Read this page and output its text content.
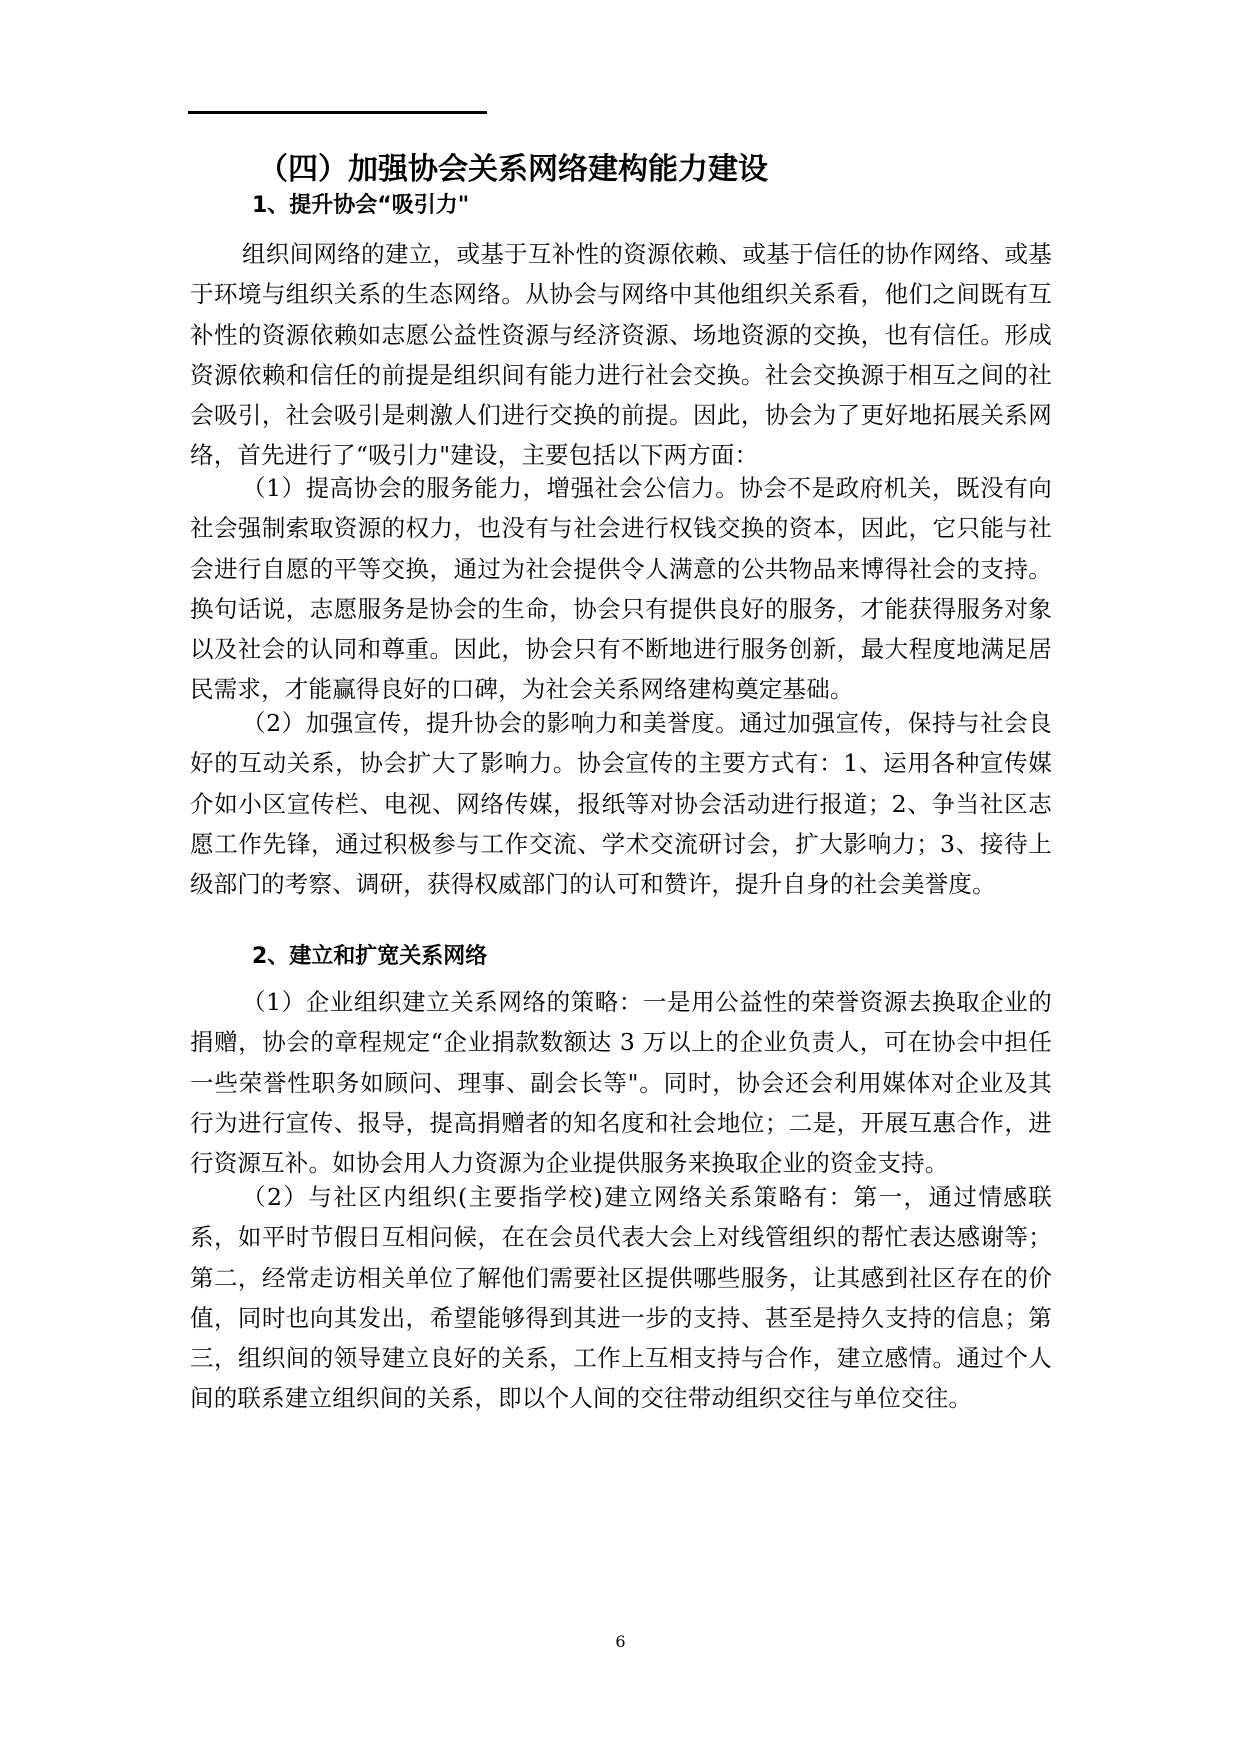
（四）加强协会关系网络建构能力建设
1、提升协会“吸引力"

组织间网络的建立，或基于互补性的资源依赖、或基于信任的协作网络、或基于环境与组织关系的生态网络。从协会与网络中其他组织关系看，他们之间既有互补性的资源依赖如志愿公益性资源与经济资源、场地资源的交换，也有信任。形成资源依赖和信任的前提是组织间有能力进行社会交换。社会交换源于相互之间的社会吸引，社会吸引是刺激人们进行交换的前提。因此，协会为了更好地拓展关系网络，首先进行了“吸引力"建设，主要包括以下两方面：

（1）提高协会的服务能力，增强社会公信力。协会不是政府机关，既没有向社会强制索取资源的权力，也没有与社会进行权钱交换的资本，因此，它只能与社会进行自愿的平等交换，通过为社会提供令人满意的公共物品来博得社会的支持。换句话说，志愿服务是协会的生命，协会只有提供良好的服务，才能获得服务对象以及社会的认同和尊重。因此，协会只有不断地进行服务创新，最大程度地满足居民需求，才能赢得良好的口碑，为社会关系网络建构奠定基础。

（2）加强宣传，提升协会的影响力和美誉度。通过加强宣传，保持与社会良好的互动关系，协会扩大了影响力。协会宣传的主要方式有：1、运用各种宣传媒介如小区宣传栏、电视、网络传媒，报纸等对协会活动进行报道；2、争当社区志愿工作先锋，通过积极参与工作交流、学术交流研讨会，扩大影响力；3、接待上级部门的考察、调研，获得权威部门的认可和赞许，提升自身的社会美誉度。

2、建立和扩宽关系网络

（1）企业组织建立关系网络的策略：一是用公益性的荣誉资源去换取企业的捐赠，协会的章程规定“企业捐款数额达 3 万以上的企业负责人，可在协会中担任一些荣誉性职务如顾问、理事、副会长等"。同时，协会还会利用媒体对企业及其行为进行宣传、报导，提高捐赠者的知名度和社会地位；二是，开展互惠合作，进行资源互补。如协会用人力资源为企业提供服务来换取企业的资金支持。

（2）与社区内组织(主要指学校)建立网络关系策略有：第一，通过情感联系，如平时节假日互相问候，在在会员代表大会上对线管组织的帮忙表达感谢等；第二，经常走访相关单位了解他们需要社区提供哪些服务，让其感到社区存在的价值，同时也向其发出，希望能够得到其进一步的支持、甚至是持久支持的信息；第三，组织间的领导建立良好的关系，工作上互相支持与合作，建立感情。通过个人间的联系建立组织间的关系，即以个人间的交往带动组织交往与单位交往。

6
